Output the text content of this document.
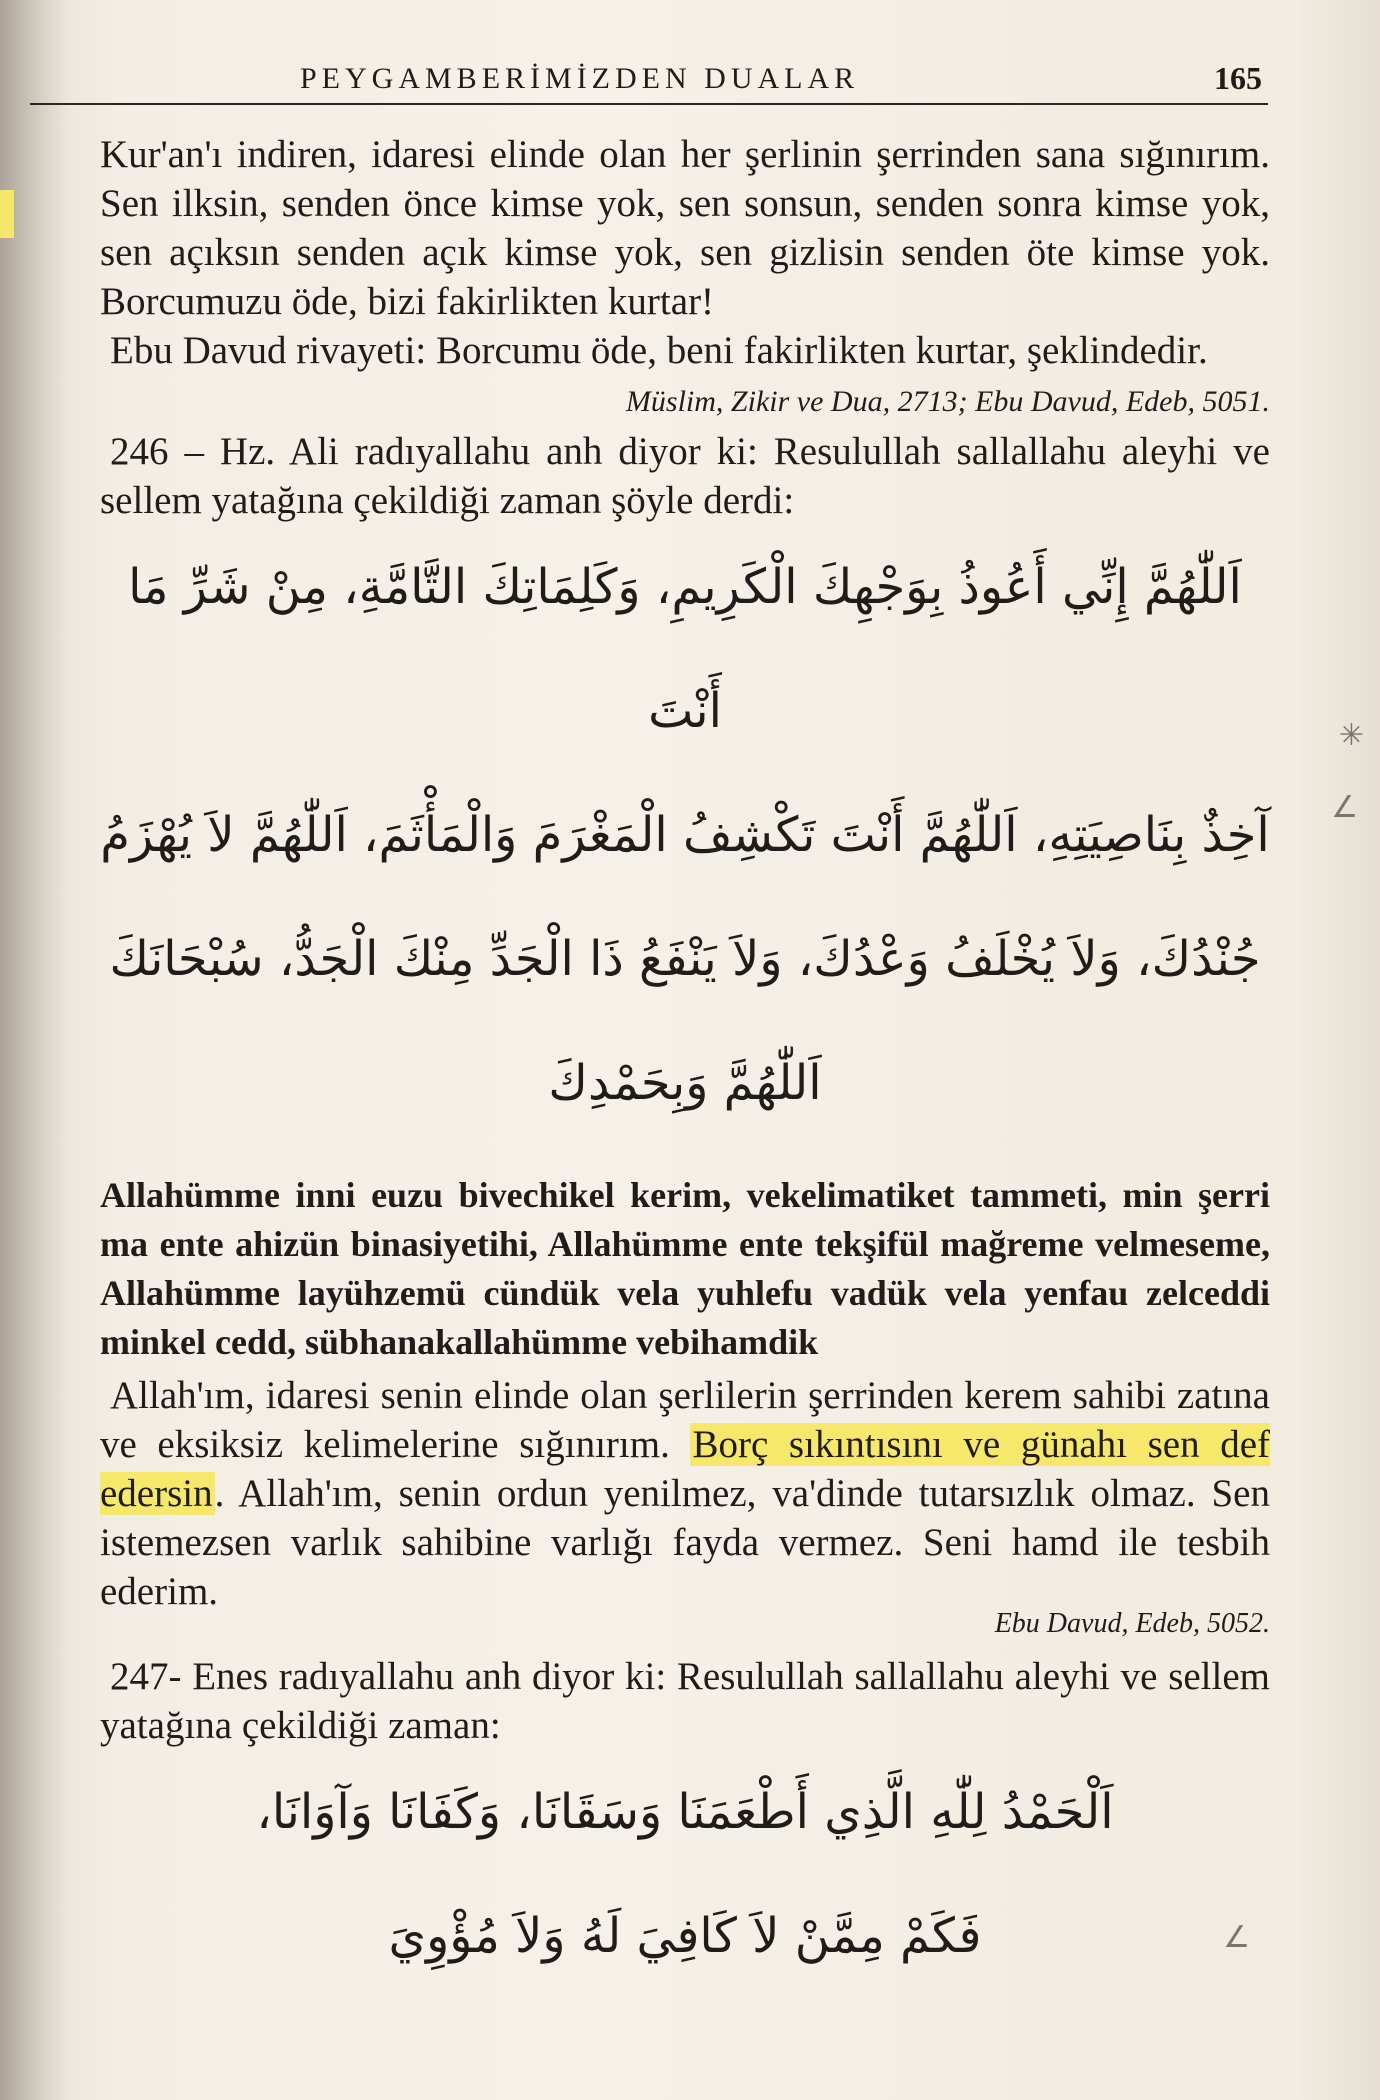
PEYGAMBERİMİZDEN DUALAR	165

Kur'an'ı indiren, idaresi elinde olan her şerlinin şerrinden sana sığınırım. Sen ilksin, senden önce kimse yok, sen sonsun, senden sonra kimse yok, sen açıksın senden açık kimse yok, sen gizlisin senden öte kimse yok. Borcumuzu öde, bizi fakirlikten kurtar!

Ebu Davud rivayeti: Borcumu öde, beni fakirlikten kurtar, şeklindedir.

Müslim, Zikir ve Dua, 2713; Ebu Davud, Edeb, 5051.

246 – Hz. Ali radıyallahu anh diyor ki: Resulullah sallallahu aleyhi ve sellem yatağına çekildiği zaman şöyle derdi:

اَللّٰهُمَّ إِنِّي أَعُوذُ بِوَجْهِكَ الْكَرِيمِ، وَكَلِمَاتِكَ التَّامَّةِ، مِنْ شَرِّ مَا أَنْتَ

آخِذٌ بِنَاصِيَتِهِ، اَللّٰهُمَّ أَنْتَ تَكْشِفُ الْمَغْرَمَ وَالْمَأْثَمَ، اَللّٰهُمَّ لاَ يُهْزَمُ

جُنْدُكَ، وَلاَ يُخْلَفُ وَعْدُكَ، وَلاَ يَنْفَعُ ذَا الْجَدِّ مِنْكَ الْجَدُّ، سُبْحَانَكَ

اَللّٰهُمَّ وَبِحَمْدِكَ

Allahümme inni euzu bivechikel kerim, vekelimatiket tammeti, min şerri ma ente ahizün binasiyetihi, Allahümme ente tekşifül mağreme velmeseme, Allahümme layühzemü cündük vela yuhlefu vadük vela yenfau zelceddi minkel cedd, sübhanakallahümme vebihamdik

Allah'ım, idaresi senin elinde olan şerlilerin şerrinden kerem sahibi zatına ve eksiksiz kelimelerine sığınırım. Borç sıkıntısını ve günahı sen def edersin. Allah'ım, senin ordun yenilmez, va'dinde tutarsızlık olmaz. Sen istemezsen varlık sahibine varlığı fayda vermez. Seni hamd ile tesbih ederim.

Ebu Davud, Edeb, 5052.

247- Enes radıyallahu anh diyor ki: Resulullah sallallahu aleyhi ve sellem yatağına çekildiği zaman:

اَلْحَمْدُ لِلّٰهِ الَّذِي أَطْعَمَنَا وَسَقَانَا، وَكَفَانَا وَآوَانَا،

فَكَمْ مِمَّنْ لاَ كَافِيَ لَهُ وَلاَ مُؤْوِيَ

✳
∠
∠
